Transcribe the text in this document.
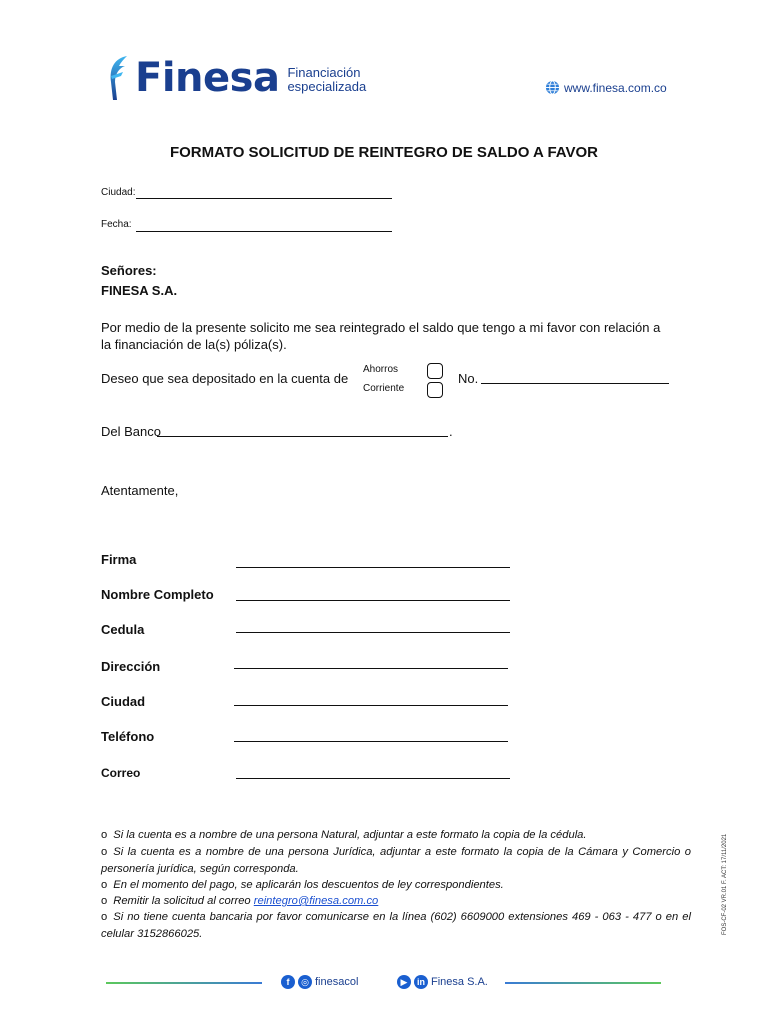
Finesa Financiación
especializada	www.finesa.com.co
FORMATO SOLICITUD DE REINTEGRO DE SALDO A FAVOR
Ciudad:
Fecha:
Señores:
FINESA S.A.
Por medio de la presente solicito me sea reintegrado el saldo que tengo a mi favor con relación a
la financiación de la(s) póliza(s).
Deseo que sea depositado en la cuenta de
Ahorros
Corriente
No.
Del Banco	.
Atentamente,
Firma
Nombre Completo
Cedula
Dirección
Ciudad
Teléfono
Correo
o Si la cuenta es a nombre de una persona Natural, adjuntar a este formato la copia de la cédula.
o Si la cuenta es a nombre de una persona Jurídica, adjuntar a este formato la copia de la Cámara y Comercio o personería jurídica, según corresponda.
o En el momento del pago, se aplicarán los descuentos de ley correspondientes.
o Remitir la solicitud al correo reintegro@finesa.com.co
o Si no tiene cuenta bancaria por favor comunicarse en la línea (602) 6609000 extensiones 469 - 063 - 477 o en el celular 3152866025.	FOS-CF-02 VR.01 F. ACT: 17/11/2021
f	◎ finesacol	▶	in Finesa S.A.
